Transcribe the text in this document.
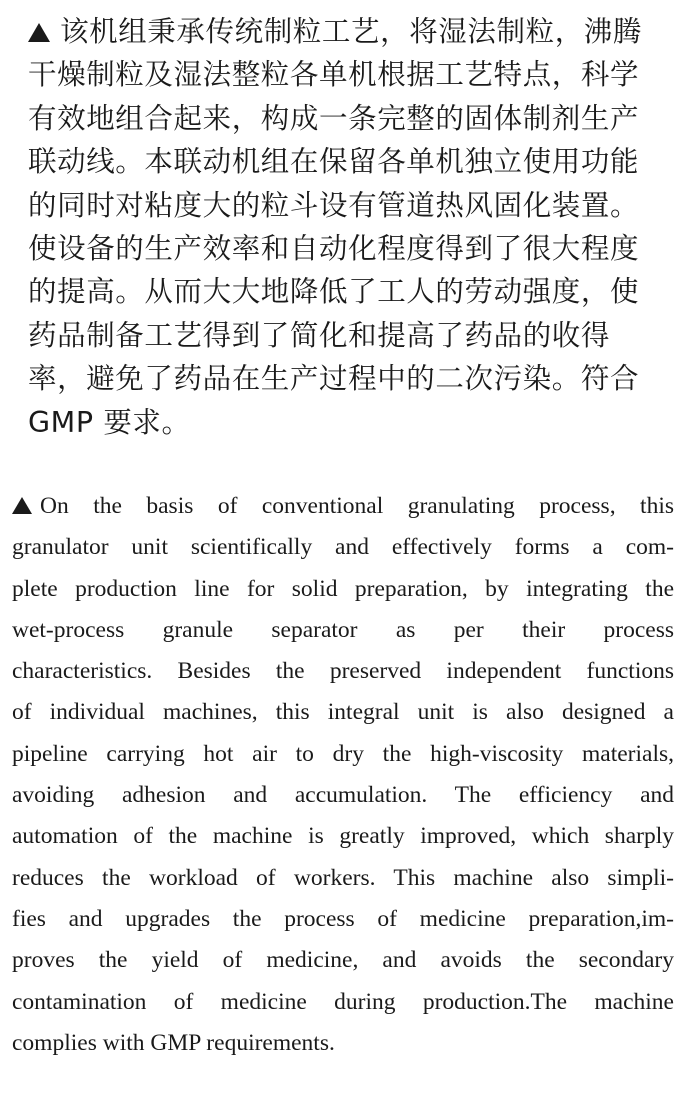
该机组秉承传统制粒工艺，将湿法制粒，沸腾
干燥制粒及湿法整粒各单机根据工艺特点，科学
有效地组合起来，构成一条完整的固体制剂生产
联动线。本联动机组在保留各单机独立使用功能
的同时对粘度大的粒斗设有管道热风固化装置。
使设备的生产效率和自动化程度得到了很大程度
的提高。从而大大地降低了工人的劳动强度，使
药品制备工艺得到了简化和提高了药品的收得
率，避免了药品在生产过程中的二次污染。符合
GMP 要求。
On the basis of conventional granulating process, this
granulator unit scientifically and effectively forms a com-
plete production line for solid preparation, by integrating the
wet-process granule separator as per their process
characteristics. Besides the preserved independent functions
of individual machines, this integral unit is also designed a
pipeline carrying hot air to dry the high-viscosity materials,
avoiding adhesion and accumulation. The efficiency and
automation of the machine is greatly improved, which sharply
reduces the workload of workers. This machine also simpli-
fies and upgrades the process of medicine preparation,im-
proves the yield of medicine, and avoids the secondary
contamination of medicine during production.The machine
complies with GMP requirements.
